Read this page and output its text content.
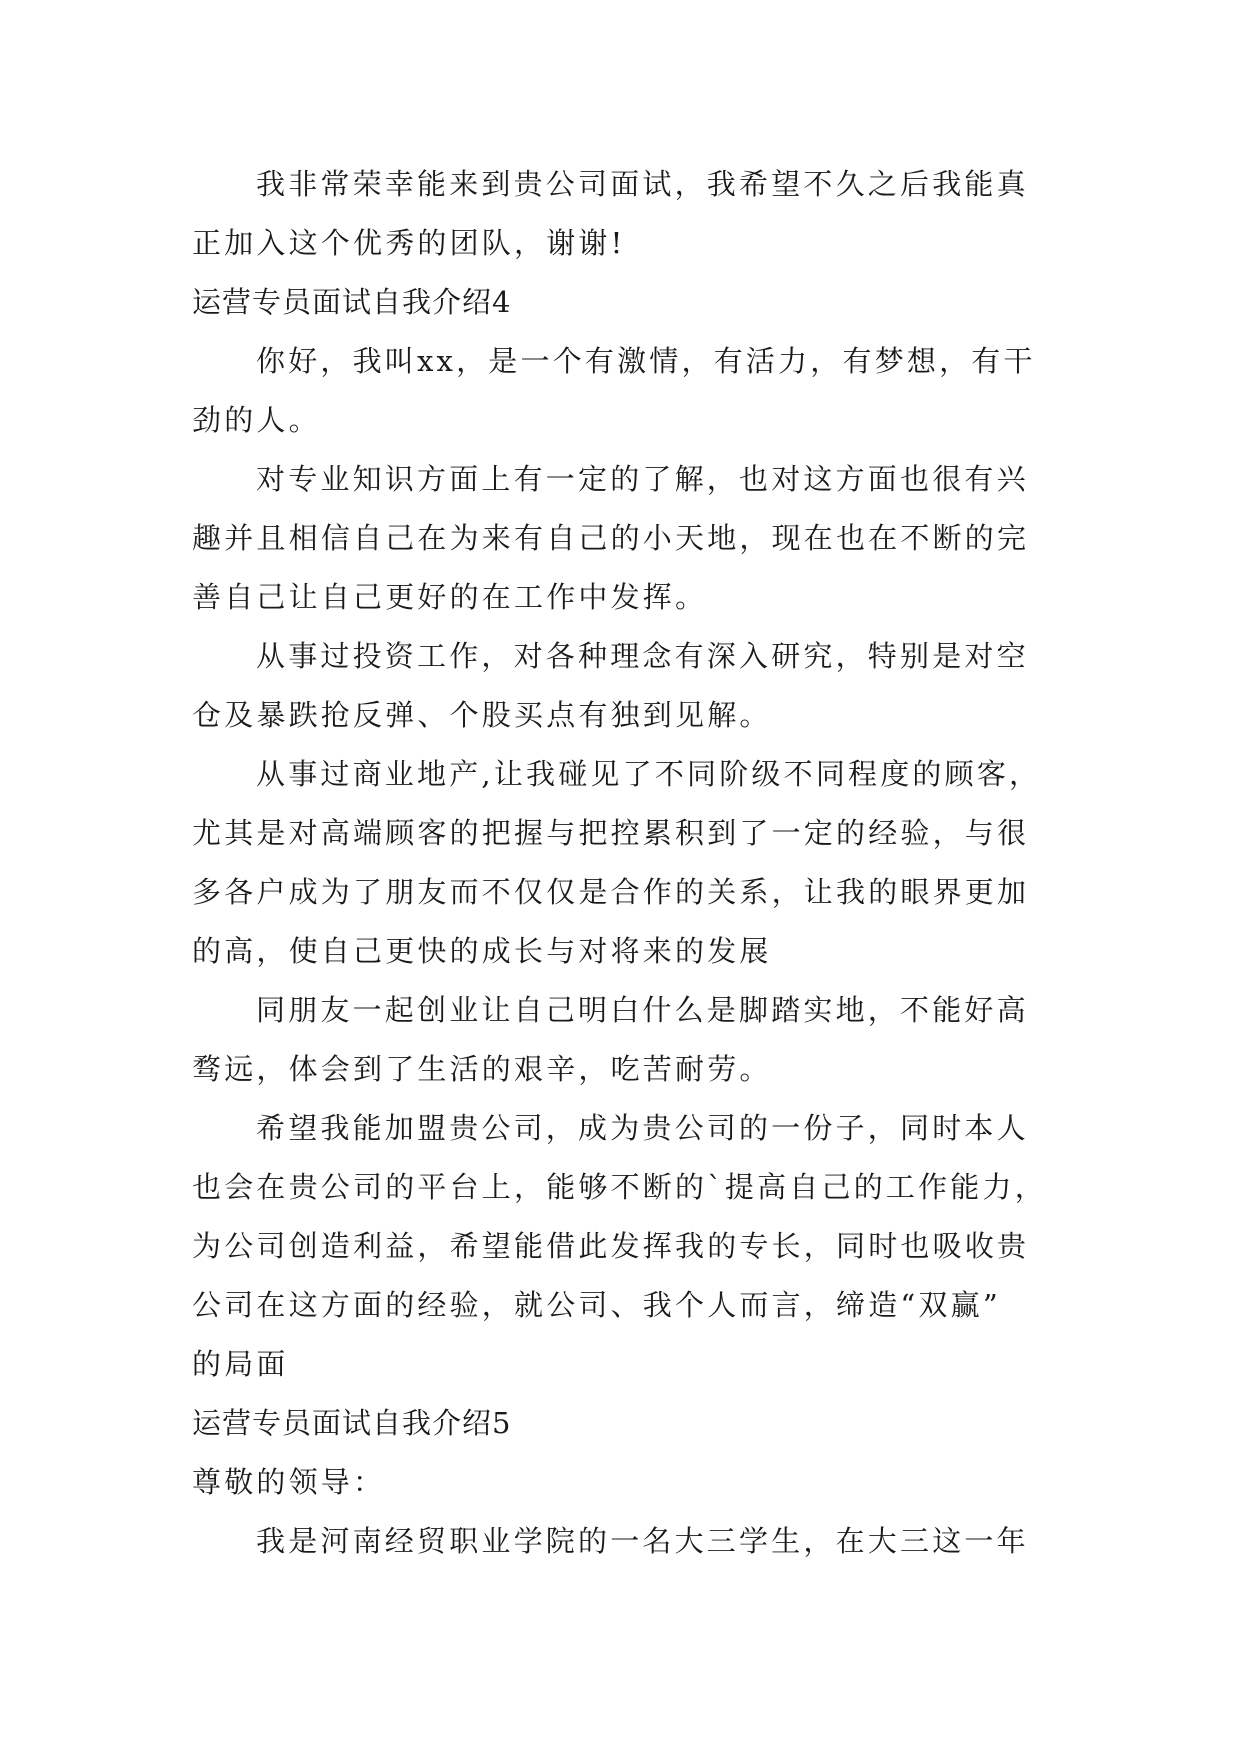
我非常荣幸能来到贵公司面试，我希望不久之后我能真
正加入这个优秀的团队，谢谢!
运营专员面试自我介绍4
你好，我叫xx，是一个有激情，有活力，有梦想，有干
劲的人。
对专业知识方面上有一定的了解，也对这方面也很有兴
趣并且相信自己在为来有自己的小天地，现在也在不断的完
善自己让自己更好的在工作中发挥。
从事过投资工作，对各种理念有深入研究，特别是对空
仓及暴跌抢反弹、个股买点有独到见解。
从事过商业地产,让我碰见了不同阶级不同程度的顾客，
尤其是对高端顾客的把握与把控累积到了一定的经验，与很
多各户成为了朋友而不仅仅是合作的关系，让我的眼界更加
的高，使自己更快的成长与对将来的发展
同朋友一起创业让自己明白什么是脚踏实地，不能好高
骛远，体会到了生活的艰辛，吃苦耐劳。
希望我能加盟贵公司，成为贵公司的一份子，同时本人
也会在贵公司的平台上，能够不断的`提高自己的工作能力，
为公司创造利益，希望能借此发挥我的专长，同时也吸收贵
公司在这方面的经验，就公司、我个人而言，缔造“双赢”
的局面
运营专员面试自我介绍5
尊敬的领导：
我是河南经贸职业学院的一名大三学生，在大三这一年
